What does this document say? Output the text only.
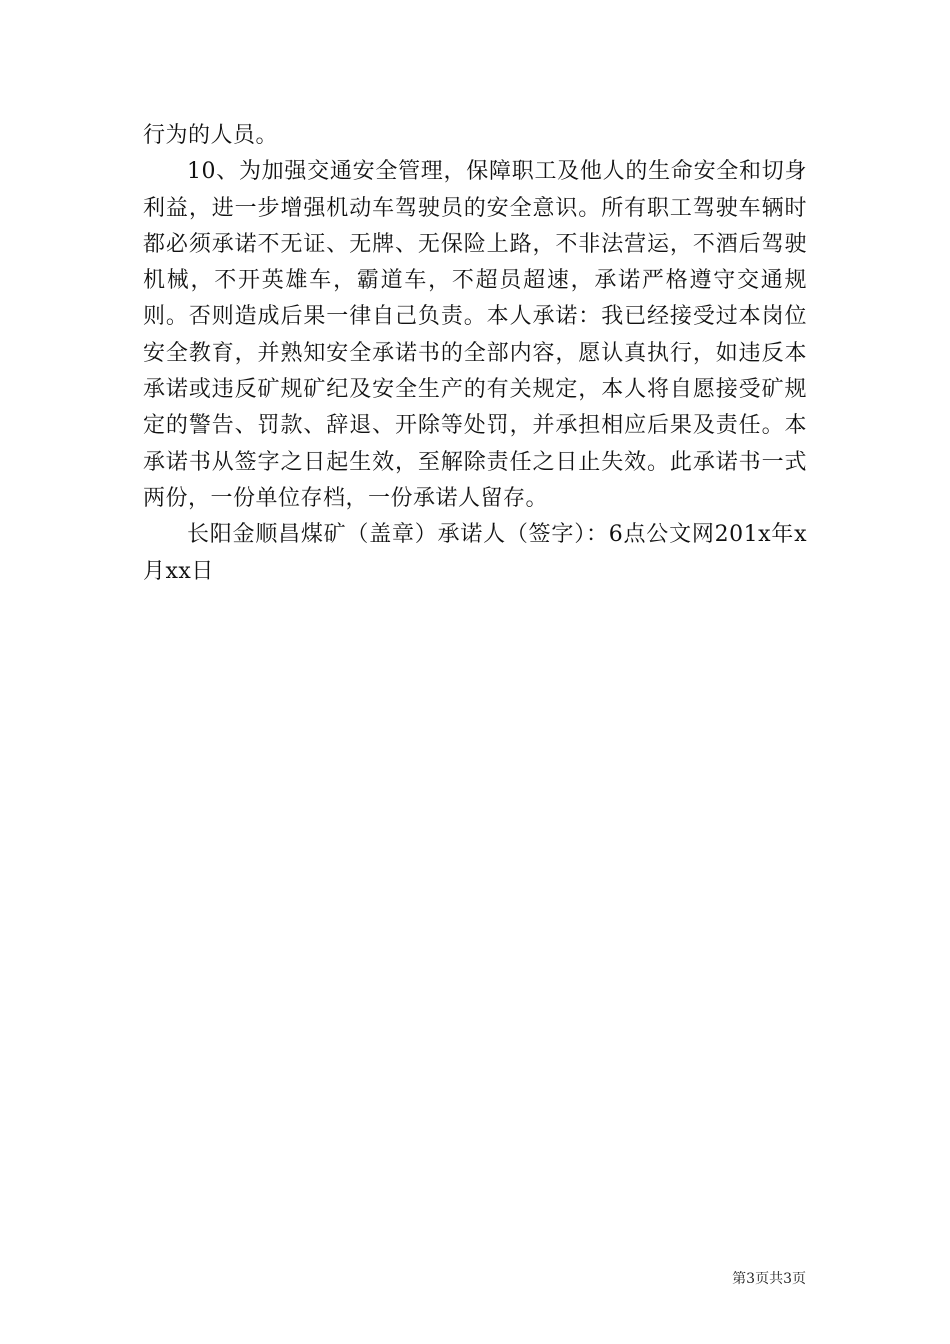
行为的人员。

10、为加强交通安全管理，保障职工及他人的生命安全和切身利益，进一步增强机动车驾驶员的安全意识。所有职工驾驶车辆时都必须承诺不无证、无牌、无保险上路，不非法营运，不酒后驾驶机械，不开英雄车，霸道车，不超员超速，承诺严格遵守交通规则。否则造成后果一律自己负责。本人承诺：我已经接受过本岗位安全教育，并熟知安全承诺书的全部内容，愿认真执行，如违反本承诺或违反矿规矿纪及安全生产的有关规定，本人将自愿接受矿规定的警告、罚款、辞退、开除等处罚，并承担相应后果及责任。本承诺书从签字之日起生效，至解除责任之日止失效。此承诺书一式两份，一份单位存档，一份承诺人留存。

长阳金顺昌煤矿（盖章）承诺人（签字）：6点公文网201x年x月xx日

第3页共3页
